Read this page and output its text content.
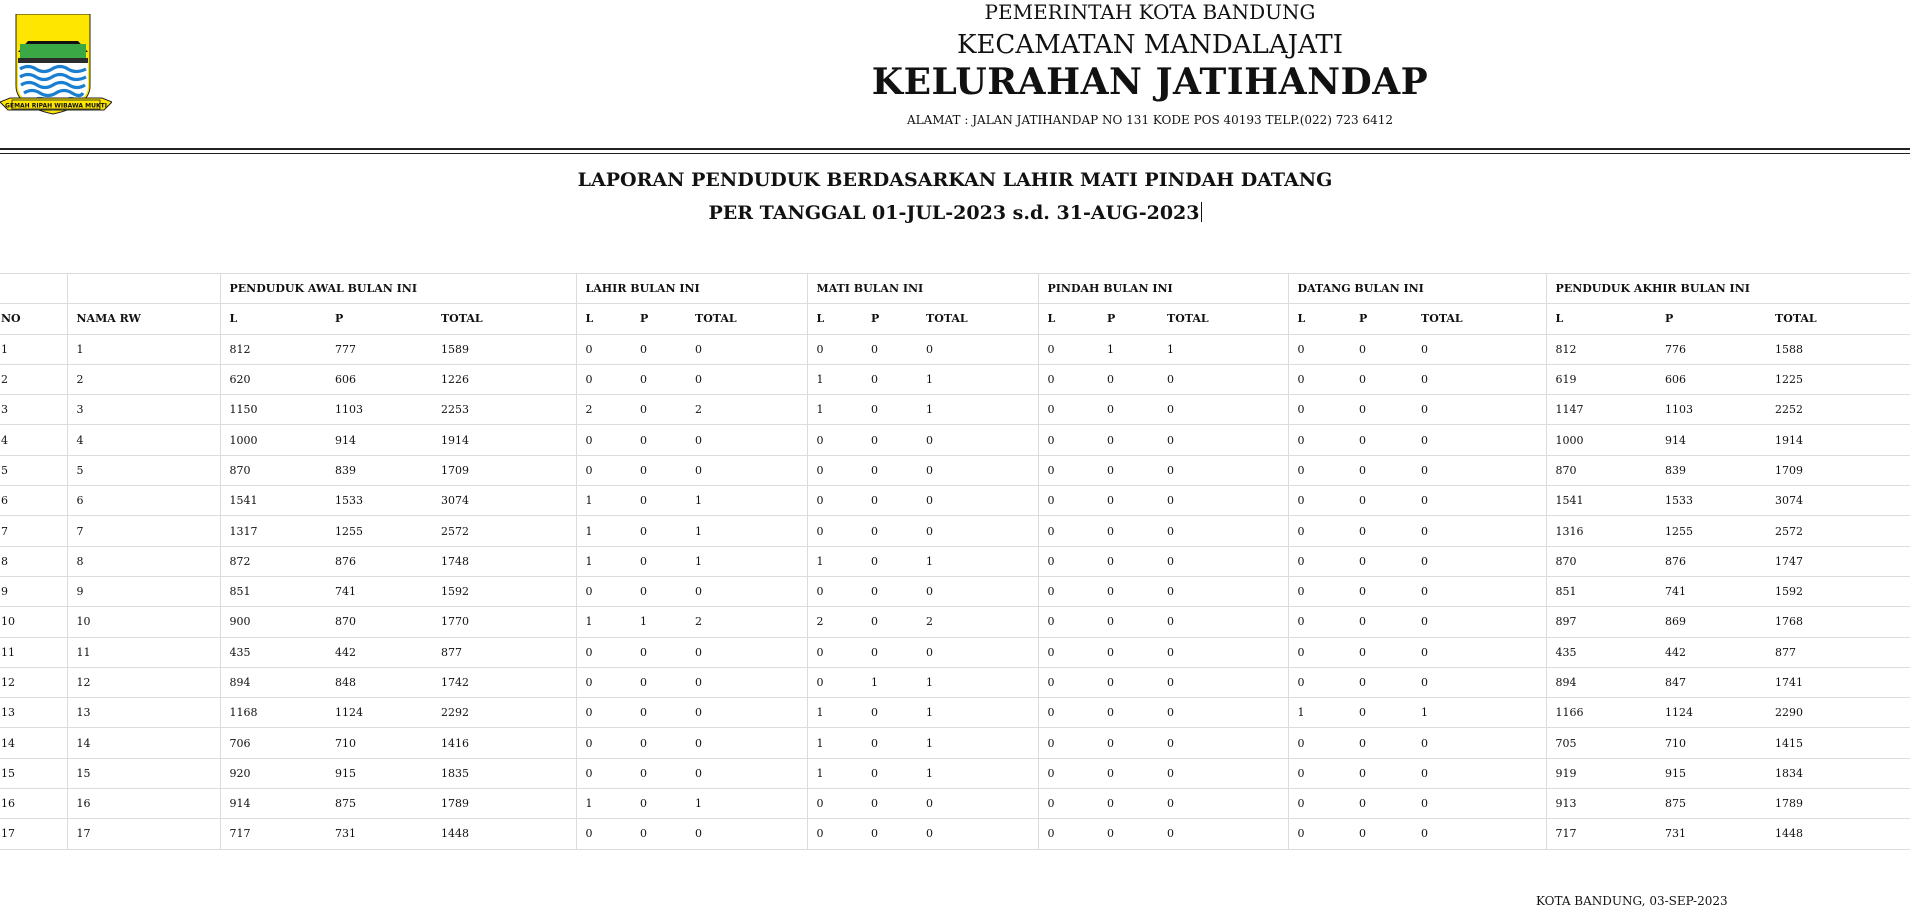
GEMAH RIPAH WIBAWA MUKTI
PEMERINTAH KOTA BANDUNG
KECAMATAN MANDALAJATI
KELURAHAN JATIHANDAP
ALAMAT : JALAN JATIHANDAP NO 131 KODE POS 40193 TELP.(022) 723 6412
LAPORAN PENDUDUK BERDASARKAN LAHIR MATI PINDAH DATANG
PER TANGGAL 01-JUL-2023 s.d. 31-AUG-2023
		PENDUDUK AWAL BULAN INI			LAHIR BULAN INI			MATI BULAN INI			PINDAH BULAN INI			DATANG BULAN INI			PENDUDUK AKHIR BULAN INI		
NO	NAMA RW	L	P	TOTAL	L	P	TOTAL	L	P	TOTAL	L	P	TOTAL	L	P	TOTAL	L	P	TOTAL
1	1	812	777	1589	0	0	0	0	0	0	0	1	1	0	0	0	812	776	1588
2	2	620	606	1226	0	0	0	1	0	1	0	0	0	0	0	0	619	606	1225
3	3	1150	1103	2253	2	0	2	1	0	1	0	0	0	0	0	0	1147	1103	2252
4	4	1000	914	1914	0	0	0	0	0	0	0	0	0	0	0	0	1000	914	1914
5	5	870	839	1709	0	0	0	0	0	0	0	0	0	0	0	0	870	839	1709
6	6	1541	1533	3074	1	0	1	0	0	0	0	0	0	0	0	0	1541	1533	3074
7	7	1317	1255	2572	1	0	1	0	0	0	0	0	0	0	0	0	1316	1255	2572
8	8	872	876	1748	1	0	1	1	0	1	0	0	0	0	0	0	870	876	1747
9	9	851	741	1592	0	0	0	0	0	0	0	0	0	0	0	0	851	741	1592
10	10	900	870	1770	1	1	2	2	0	2	0	0	0	0	0	0	897	869	1768
11	11	435	442	877	0	0	0	0	0	0	0	0	0	0	0	0	435	442	877
12	12	894	848	1742	0	0	0	0	1	1	0	0	0	0	0	0	894	847	1741
13	13	1168	1124	2292	0	0	0	1	0	1	0	0	0	1	0	1	1166	1124	2290
14	14	706	710	1416	0	0	0	1	0	1	0	0	0	0	0	0	705	710	1415
15	15	920	915	1835	0	0	0	1	0	1	0	0	0	0	0	0	919	915	1834
16	16	914	875	1789	1	0	1	0	0	0	0	0	0	0	0	0	913	875	1789
17	17	717	731	1448	0	0	0	0	0	0	0	0	0	0	0	0	717	731	1448
KOTA BANDUNG, 03-SEP-2023
